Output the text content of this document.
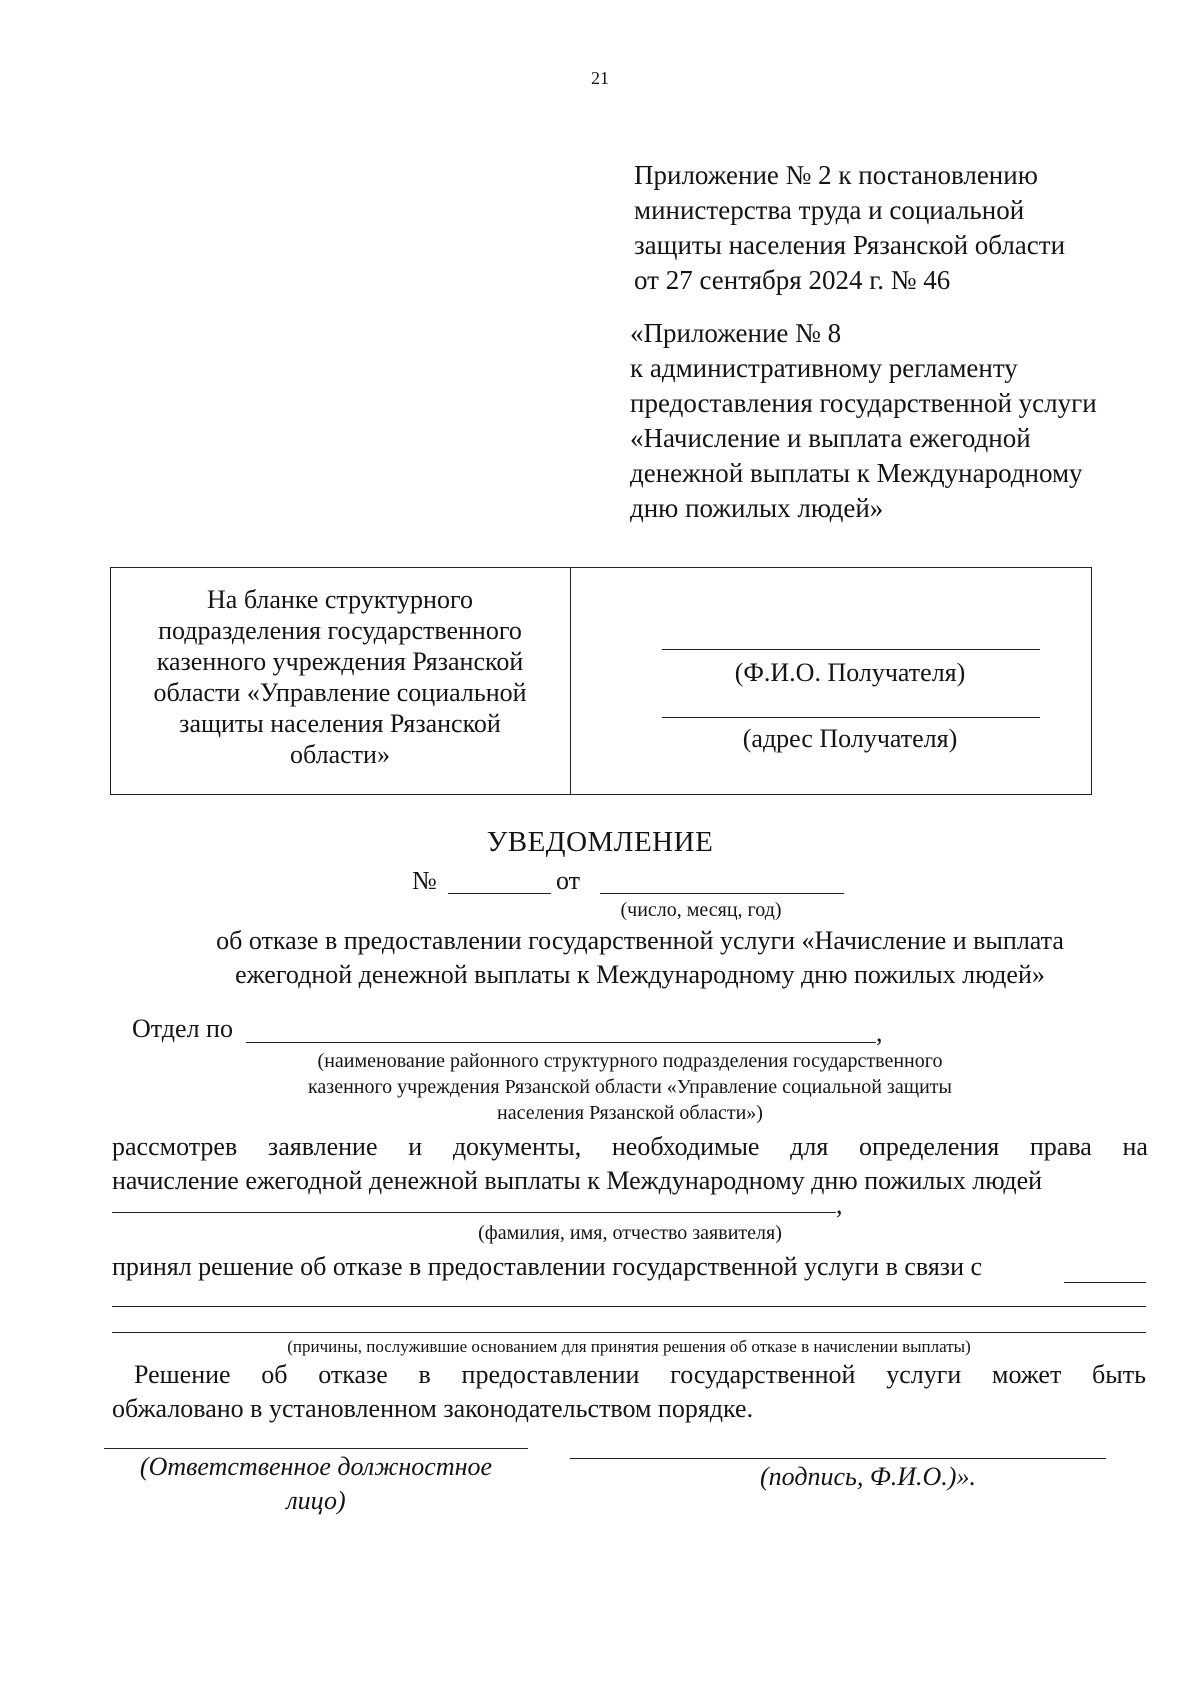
21
Приложение № 2 к постановлению
министерства труда и социальной
защиты населения Рязанской области
от 27 сентября 2024 г. № 46
«Приложение № 8
к административному регламенту
предоставления государственной услуги
«Начисление и выплата ежегодной
денежной выплаты к Международному
дню пожилых людей»
На бланке структурного
подразделения государственного
казенного учреждения Рязанской
области «Управление социальной
защиты населения Рязанской
области»
(Ф.И.О. Получателя)
(адрес Получателя)
УВЕДОМЛЕНИЕ
№	от
(число, месяц, год)
об отказе в предоставлении государственной услуги «Начисление и выплата
ежегодной денежной выплаты к Международному дню пожилых людей»
Отдел по	,
(наименование районного структурного подразделения государственного
казенного учреждения Рязанской области «Управление социальной защиты
населения Рязанской области»)
рассмотрев заявление и документы, необходимые для определения права на
начисление ежегодной денежной выплаты к Международному дню пожилых людей
,
(фамилия, имя, отчество заявителя)
принял решение об отказе в предоставлении государственной услуги в связи с
(причины, послужившие основанием для принятия решения об отказе в начислении выплаты)
Решение об отказе в предоставлении государственной услуги может быть
обжаловано в установленном законодательством порядке.
(Ответственное должностное
лицо)
(подпись, Ф.И.О.)».
